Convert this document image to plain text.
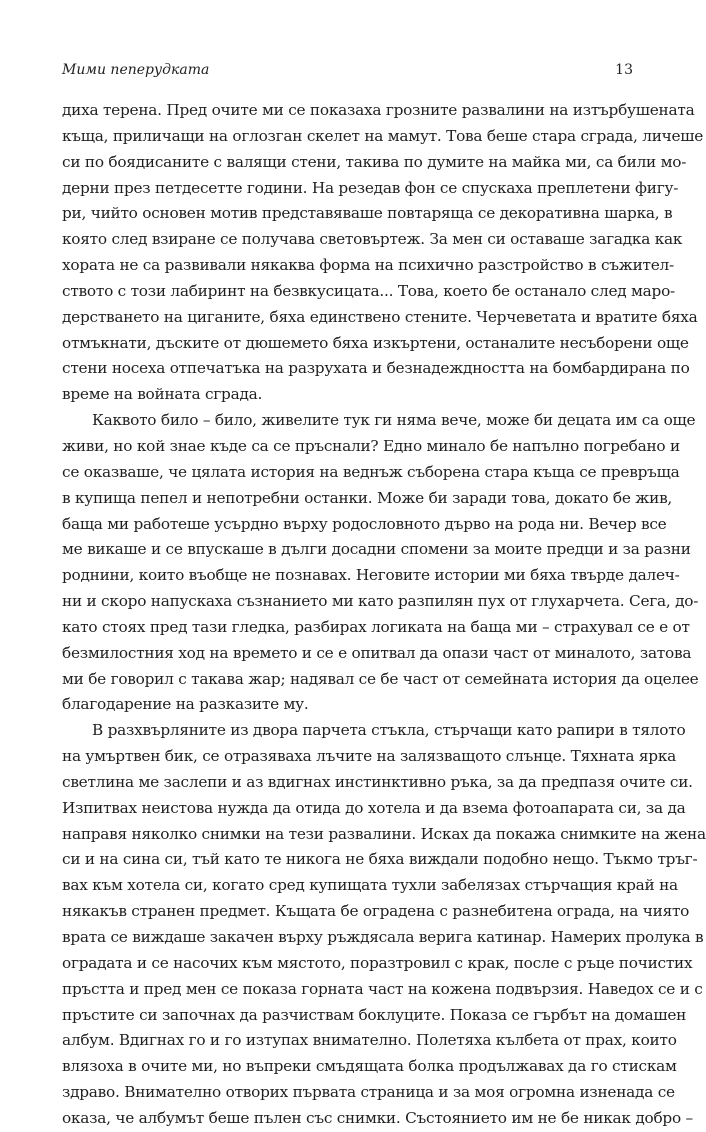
Мими пеперудката	13
диха терена. Пред очите ми се показаха грозните развалини на изтърбушената
къща, приличащи на оглозган скелет на мамут. Това беше стара сграда, личеше
си по боядисаните с валящи стени, такива по думите на майка ми, са били мо-
дерни през петдесетте години. На резедав фон се спускаха преплетени фигу-
ри, чийто основен мотив представяваше повтаряща се декоративна шарка, в
която след взиране се получава световъртеж. За мен си оставаше загадка как
хората не са развивали някаква форма на психично разстройство в съжител-
ството с този лабиринт на безвкусицата... Това, което бе останало след маро-
дерстването на циганите, бяха единствено стените. Черчеветата и вратите бяха
отмъкнати, дъските от дюшемето бяха изкъртени, останалите несъборени още
стени носеха отпечатъка на разрухата и безнадеждността на бомбардирана по
време на войната сграда.
Каквото било – било, живелите тук ги няма вече, може би децата им са още
живи, но кой знае къде са се пръснали? Едно минало бе напълно погребано и
се оказваше, че цялата история на веднъж съборена стара къща се превръща
в купища пепел и непотребни останки. Може би заради това, докато бе жив,
баща ми работеше усърдно върху родословното дърво на рода ни. Вечер все
ме викаше и се впускаше в дълги досадни спомени за моите предци и за разни
роднини, които въобще не познавах. Неговите истории ми бяха твърде далеч-
ни и скоро напускаха съзнанието ми като разпилян пух от глухарчета. Сега, до-
като стоях пред тази гледка, разбирах логиката на баща ми – страхувал се е от
безмилостния ход на времето и се е опитвал да опази част от миналото, затова
ми бе говорил с такава жар; надявал се бе част от семейната история да оцелее
благодарение на разказите му.
В разхвърляните из двора парчета стъкла, стърчащи като рапири в тялото
на умъртвен бик, се отразяваха лъчите на залязващото слънце. Тяхната ярка
светлина ме заслепи и аз вдигнах инстинктивно ръка, за да предпазя очите си.
Изпитвах неистова нужда да отида до хотела и да взема фотоапарата си, за да
направя няколко снимки на тези развалини. Исках да покажа снимките на жена
си и на сина си, тъй като те никога не бяха виждали подобно нещо. Тъкмо тръг-
вах към хотела си, когато сред купищата тухли забелязах стърчащия край на
някакъв странен предмет. Къщата бе оградена с разнебитена ограда, на чиято
врата се виждаше закачен върху ръждясала верига катинар. Намерих пролука в
оградата и се насочих към мястото, поразтровил с крак, после с ръце почистих
пръстта и пред мен се показа горната част на кожена подвързия. Наведох се и с
пръстите си започнах да разчиствам боклуците. Показа се гърбът на домашен
албум. Вдигнах го и го изтупах внимателно. Полетяха кълбета от прах, които
влязоха в очите ми, но въпреки смъдящата болка продължавах да го стискам
здраво. Внимателно отворих първата страница и за моя огромна изненада се
оказа, че албумът беше пълен със снимки. Състоянието им не бе никак добро –
